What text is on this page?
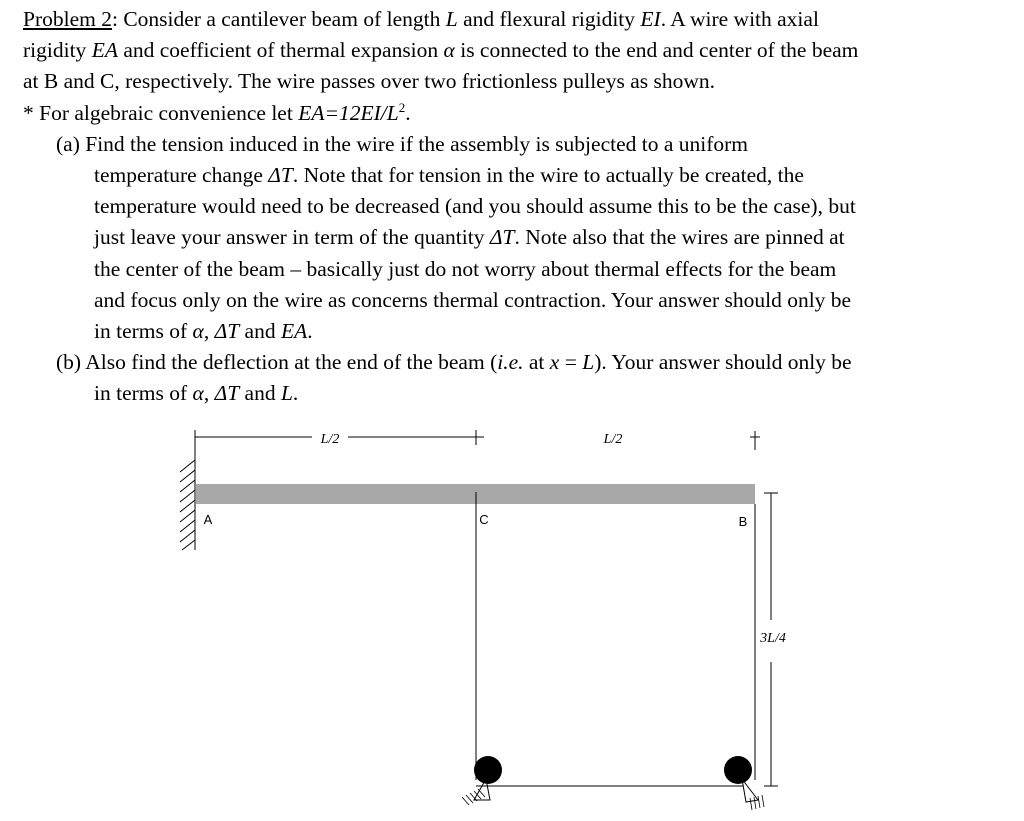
Problem 2: Consider a cantilever beam of length L and flexural rigidity EI. A wire with axial
rigidity EA and coefficient of thermal expansion α is connected to the end and center of the beam
at B and C, respectively. The wire passes over two frictionless pulleys as shown.
* For algebraic convenience let $EA=12EI/L^2$.
(a) Find the tension induced in the wire if the assembly is subjected to a uniform
temperature change ΔT. Note that for tension in the wire to actually be created, the
temperature would need to be decreased (and you should assume this to be the case), but
just leave your answer in term of the quantity ΔT. Note also that the wires are pinned at
the center of the beam – basically just do not worry about thermal effects for the beam
and focus only on the wire as concerns thermal contraction. Your answer should only be
in terms of α, ΔT and EA.
(b) Also find the deflection at the end of the beam (i.e. at x = L). Your answer should only be
in terms of α, ΔT and L.
L/2	L/2
A	C	B
3L/4
